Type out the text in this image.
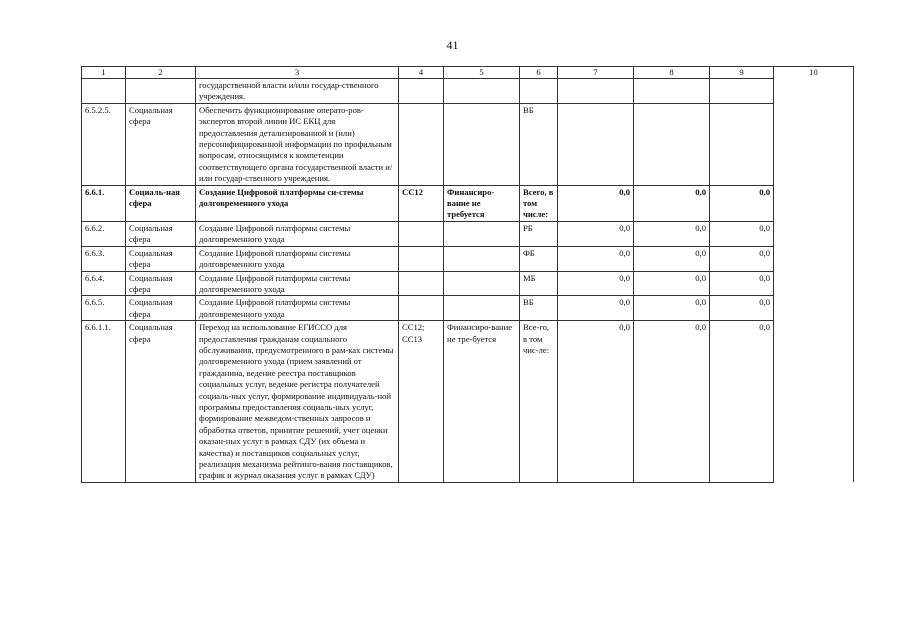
41
1	2	3	4	5	6	7	8	9	10
		государственной власти и/или государ-ственного учреждения.							
6.5.2.5.	Социальная сфера	Обеспечить функционирование операто-ров-экспертов второй линии ИС ЕКЦ для предоставления детализированной и (или) персонифицированной информации по профильным вопросам, относящимся к компетенции соответствующего органа государственной власти и/или государ-ственного учреждения.			ВБ				
6.6.1.	Социаль-ная сфера	Создание Цифровой платформы си-стемы долговременного ухода	СС12	Финансиро-вание не требуется	Всего, в том числе:	0,0	0,0	0,0	
6.6.2.	Социальная сфера	Создание Цифровой платформы системы долговременного ухода			РБ	0,0	0,0	0,0	
6.6.3.	Социальная сфера	Создание Цифровой платформы системы долговременного ухода			ФБ	0,0	0,0	0,0	
6.6.4.	Социальная сфера	Создание Цифровой платформы системы долговременного ухода			МБ	0,0	0,0	0,0	
6.6.5.	Социальная сфера	Создание Цифровой платформы системы долговременного ухода			ВБ	0,0	0,0	0,0	
6.6.1.1.	Социальная сфера	Переход на использование ЕГИССО для предоставления гражданам социального обслуживания, предусмотренного в рам-ках системы долговременного ухода (прием заявлений от гражданина, ведение реестра поставщиков социальных услуг, ведение регистра получателей социаль-ных услуг, формирование индивидуаль-ной программы предоставления социаль-ных услуг, формирование межведом-ственных запросов и обработка ответов, принятие решений, учет оценки оказан-ных услуг в рамках СДУ (их объема и качества) и поставщиков социальных услуг, реализация механизма рейтинго-вания поставщиков, график и журнал оказания услуг в рамках СДУ)	СС12; СС13	Финансиро-вание не тре-буется	Все-го, в том чис-ле:	0,0	0,0	0,0	
